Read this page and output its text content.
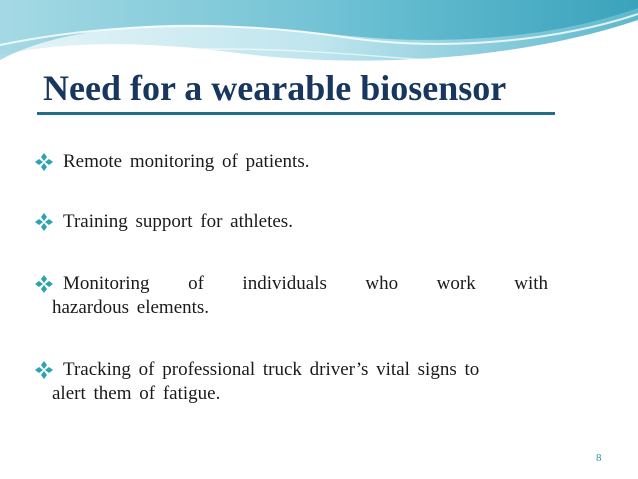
Need for a wearable biosensor
Remote monitoring of patients.
Training support for athletes.
Monitoring of individuals who work with
hazardous elements.
Tracking of professional truck driver’s vital signs to
alert them of fatigue.
8
